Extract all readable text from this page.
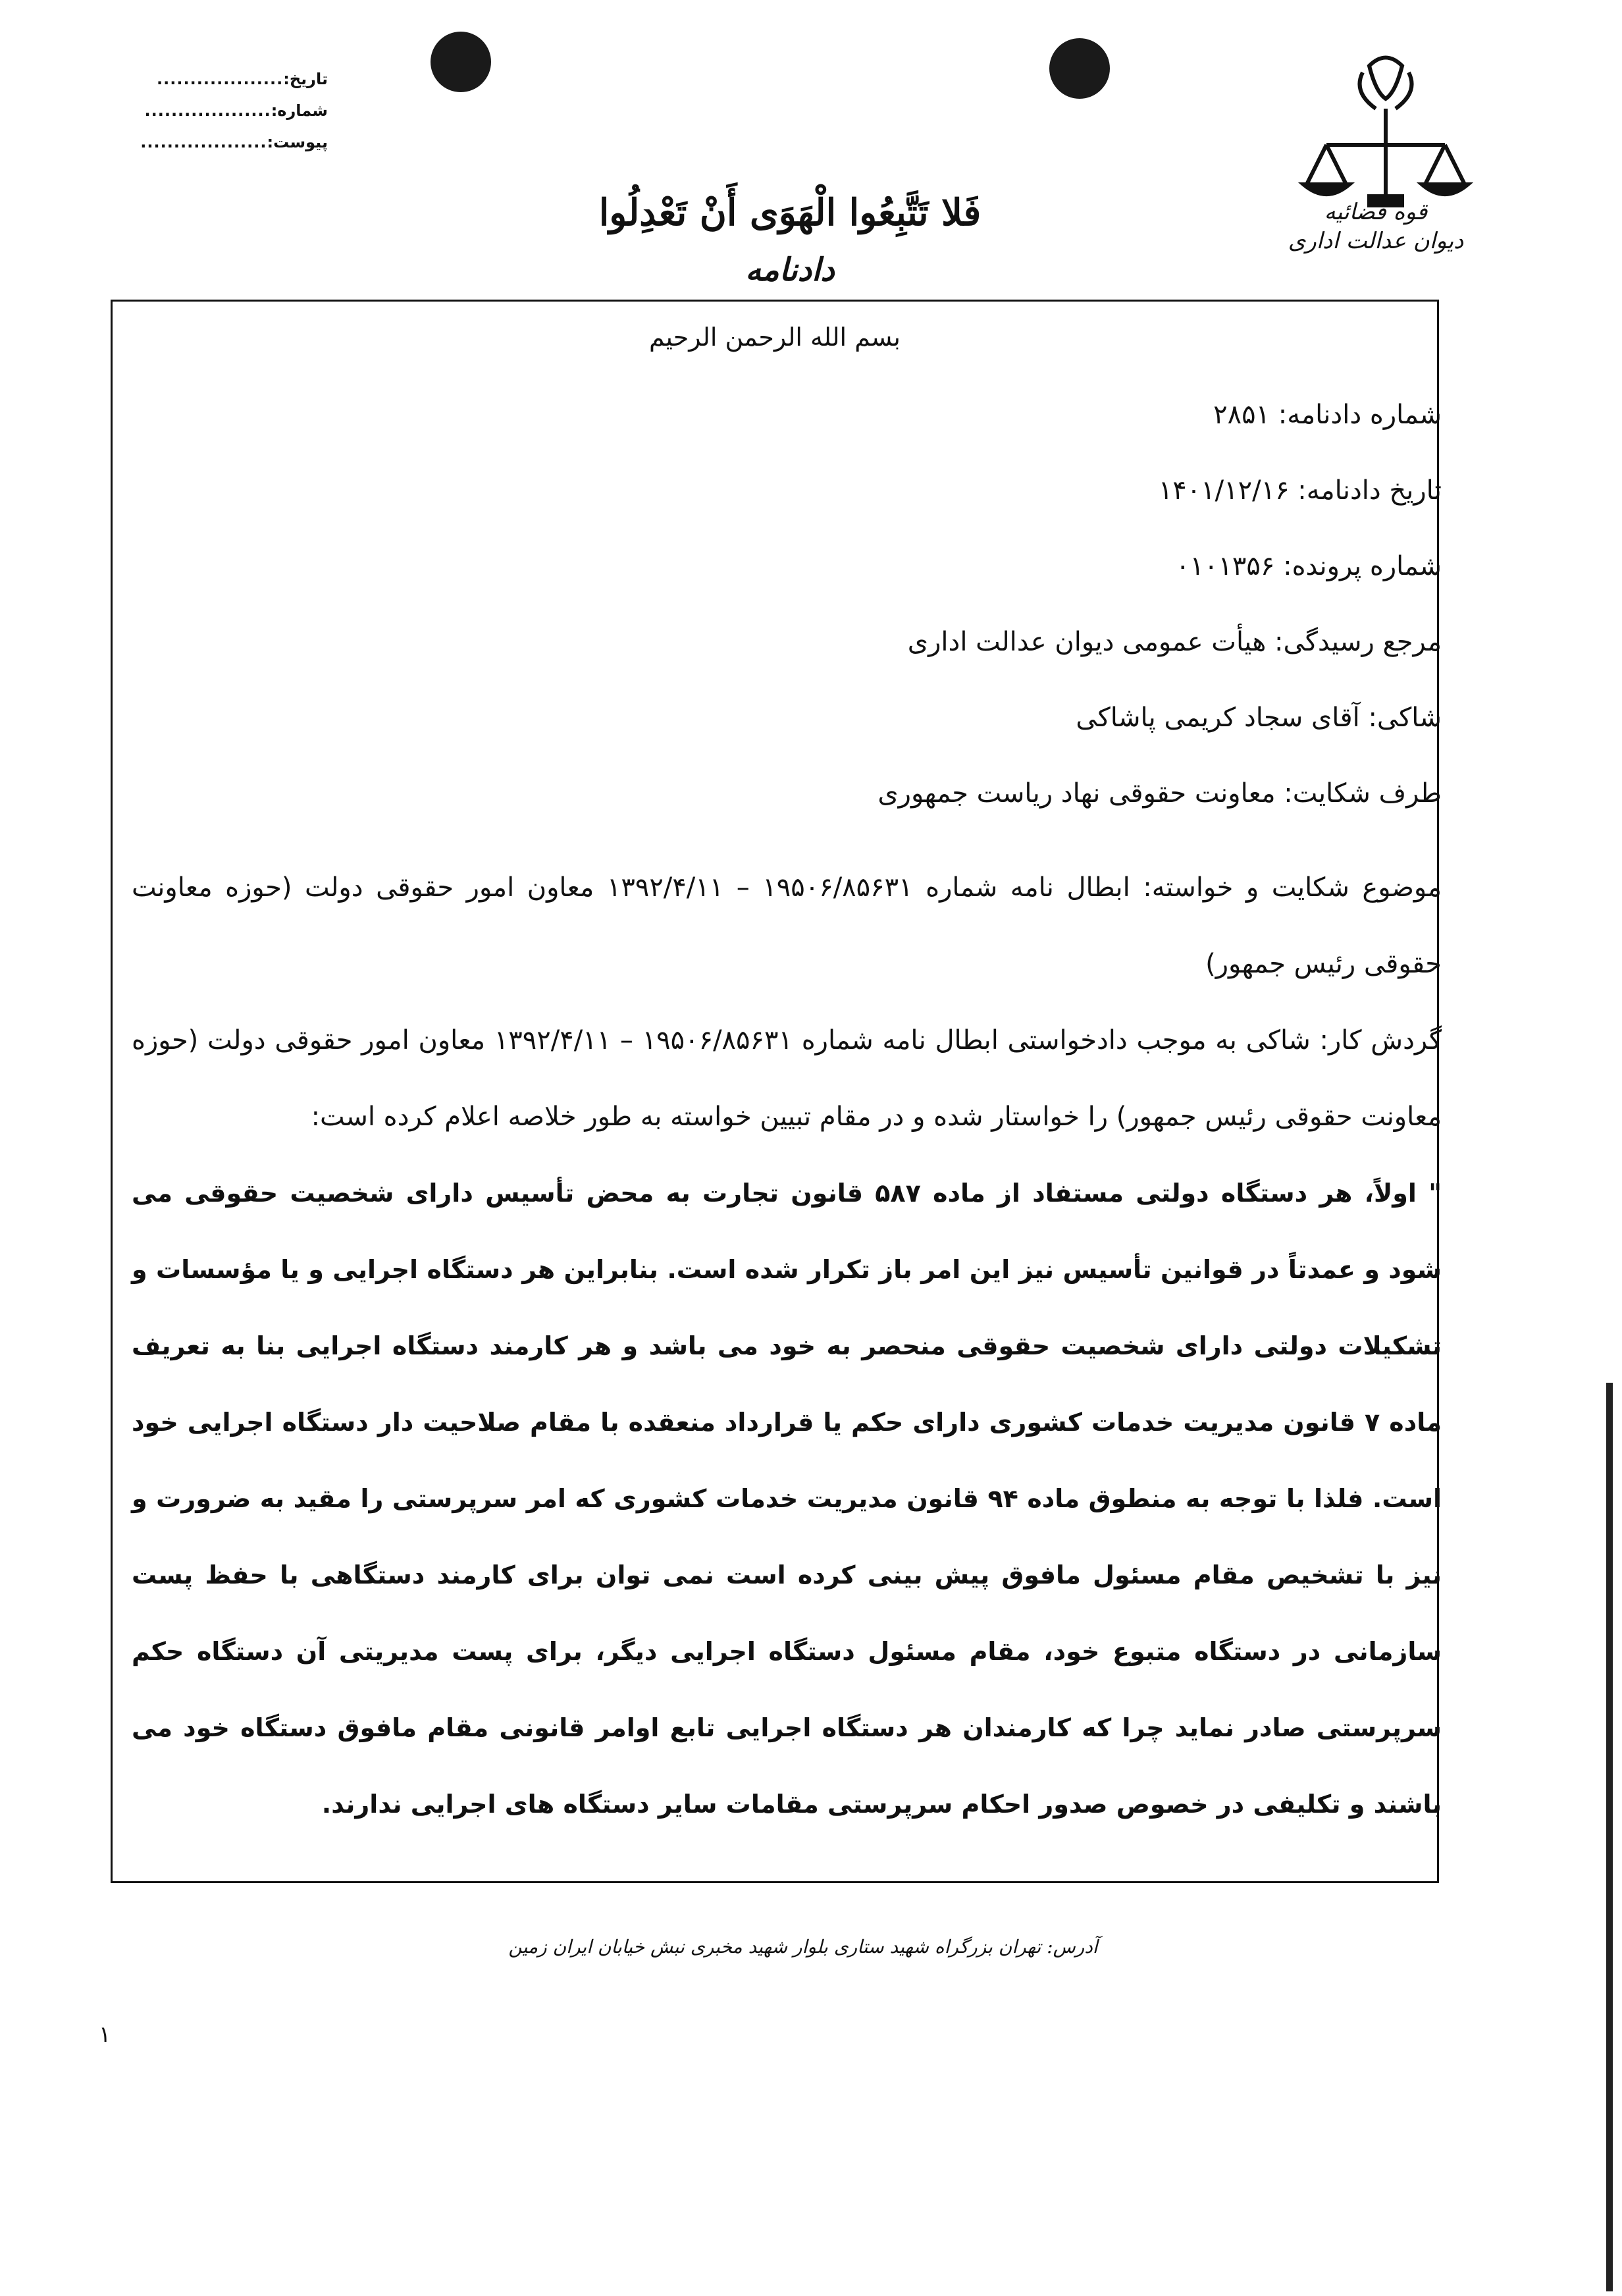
تاریخ:
...................
شماره:
...................
پیوست:
...................
قوه قضائیه
دیوان عدالت اداری
فَلا تَتَّبِعُوا الْهَوَى أَنْ تَعْدِلُوا
دادنامه
بسم الله الرحمن الرحیم
شماره دادنامه: ۲۸۵۱
تاریخ دادنامه: ۱۴۰۱/۱۲/۱۶
شماره پرونده: ۰۱۰۱۳۵۶
مرجع رسیدگی: هیأت عمومی دیوان عدالت اداری
شاکی: آقای سجاد کریمی پاشاکی
طرف شکایت: معاونت حقوقی نهاد ریاست جمهوری
موضوع شکایت و خواسته: ابطال نامه شماره ۱۹۵۰۶/۸۵۶۳۱ – ۱۳۹۲/۴/۱۱ معاون امور حقوقی دولت (حوزه معاونت حقوقی رئیس جمهور)
گردش کار: شاکی به موجب دادخواستی ابطال نامه شماره ۱۹۵۰۶/۸۵۶۳۱ – ۱۳۹۲/۴/۱۱ معاون امور حقوقی دولت (حوزه معاونت حقوقی رئیس جمهور) را خواستار شده و در مقام تبیین خواسته به طور خلاصه اعلام کرده است:
" اولاً، هر دستگاه دولتی مستفاد از ماده ۵۸۷ قانون تجارت به محض تأسیس دارای شخصیت حقوقی می شود و عمدتاً در قوانین تأسیس نیز این امر باز تکرار شده است. بنابراین هر دستگاه اجرایی و یا مؤسسات و تشکیلات دولتی دارای شخصیت حقوقی منحصر به خود می باشد و هر کارمند دستگاه اجرایی بنا به تعریف ماده ۷ قانون مدیریت خدمات کشوری دارای حکم یا قرارداد منعقده با مقام صلاحیت دار دستگاه اجرایی خود است. فلذا با توجه به منطوق ماده ۹۴ قانون مدیریت خدمات کشوری که امر سرپرستی را مقید به ضرورت و نیز با تشخیص مقام مسئول مافوق پیش بینی کرده است نمی توان برای کارمند دستگاهی با حفظ پست سازمانی در دستگاه متبوع خود، مقام مسئول دستگاه اجرایی دیگر، برای پست مدیریتی آن دستگاه حکم سرپرستی صادر نماید چرا که کارمندان هر دستگاه اجرایی تابع اوامر قانونی مقام مافوق دستگاه خود می باشند و تکلیفی در خصوص صدور احکام سرپرستی مقامات سایر دستگاه های اجرایی ندارند.
آدرس: تهران بزرگراه شهید ستاری بلوار شهید مخبری نبش خیابان ایران زمین
۱
